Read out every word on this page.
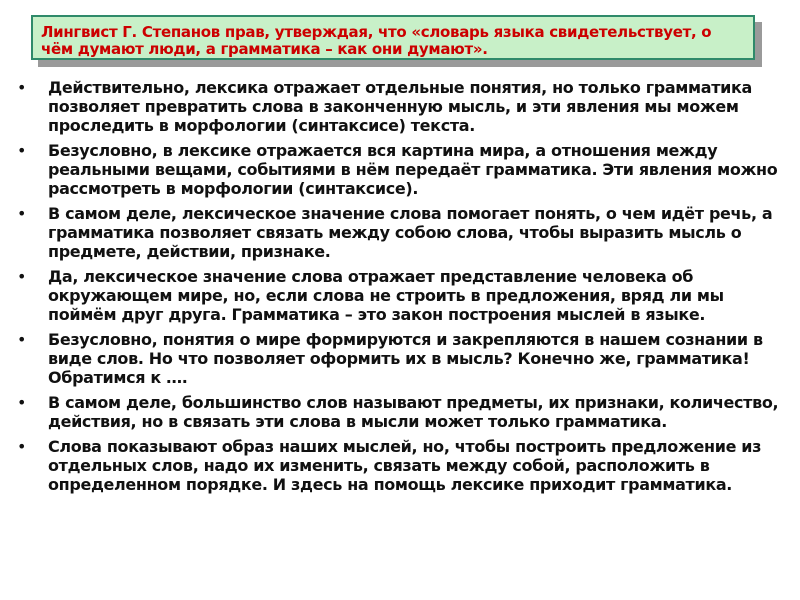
Лингвист Г. Степанов прав, утверждая, что «словарь языка свидетельствует, о чём думают люди, а грамматика – как они думают».
• Действительно, лексика отражает отдельные понятия, но только грамматика позволяет превратить слова в законченную мысль, и эти явления мы можем проследить в морфологии (синтаксисе) текста.
• Безусловно, в лексике отражается вся картина мира, а отношения между реальными вещами, событиями в нём передаёт грамматика. Эти явления можно рассмотреть в морфологии (синтаксисе).
• В самом деле, лексическое значение слова помогает понять, о чем идёт речь, а грамматика позволяет связать между собою слова, чтобы выразить мысль о предмете, действии, признаке.
• Да, лексическое значение слова отражает представление человека об окружающем мире, но, если слова не строить в предложения, вряд ли мы поймём друг друга. Грамматика – это закон построения мыслей в языке.
• Безусловно, понятия о мире формируются и закрепляются в нашем сознании в виде слов. Но что позволяет оформить их в мысль? Конечно же, грамматика! Обратимся к ….
• В самом деле, большинство слов называют предметы, их признаки, количество, действия, но в связать эти слова в мысли может только грамматика.
• Слова показывают образ наших мыслей, но, чтобы построить предложение из отдельных слов, надо их изменить, связать между собой, расположить в определенном порядке. И здесь на помощь лексике приходит грамматика.
